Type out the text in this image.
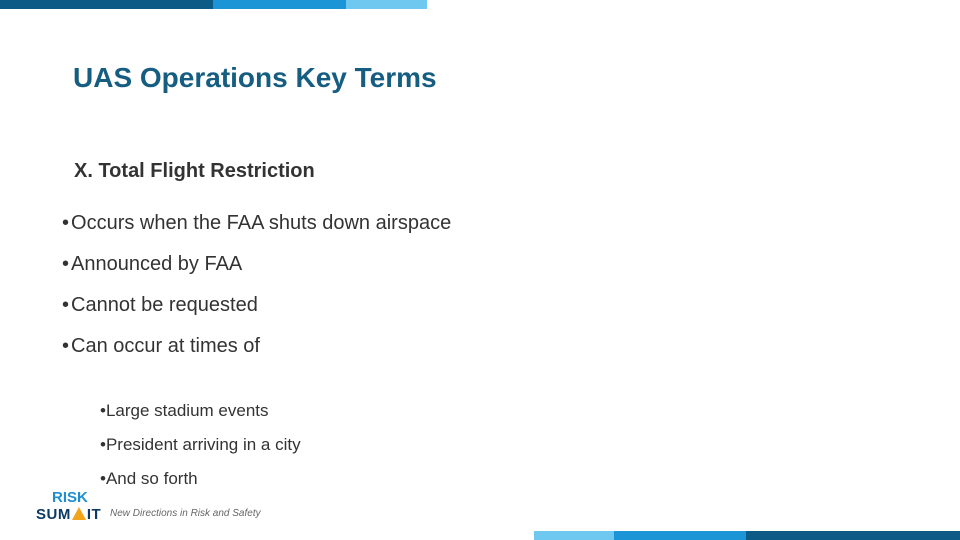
UAS Operations Key Terms
X. Total Flight Restriction
• Occurs when the FAA shuts down airspace
• Announced by FAA
• Cannot be requested
• Can occur at times of
•Large stadium events
•President arriving in a city
•And so forth
RISK
SUM IT New Directions in Risk and Safety
